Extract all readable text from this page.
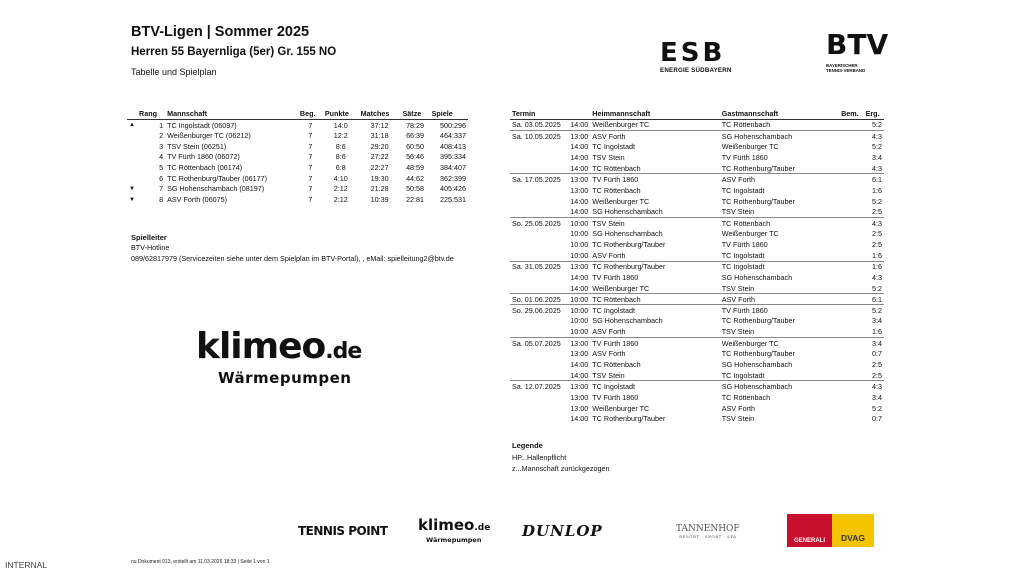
BTV-Ligen | Sommer 2025
Herren 55 Bayernliga (5er) Gr. 155 NO
Tabelle und Spielplan
ESB
ENERGIE SÜDBAYERN
BTV
BAYERISCHER
TENNIS-VERBAND
	Rang	Mannschaft	Beg.	Punkte	Matches	Sätze	Spiele
▲	1	TC Ingolstadt (06097)	7	14:0	37:12	78:29	500:296
	2	Weißenburger TC (06212)	7	12:2	31:18	66:39	464:337
	3	TSV Stein (06251)	7	8:6	29:20	60:50	408:413
	4	TV Fürth 1860 (06072)	7	8:6	27:22	56:46	395:334
	5	TC Röttenbach (06174)	7	6:8	22:27	48:59	384:407
	6	TC Rothenburg/Tauber (06177)	7	4:10	19:30	44:62	362:399
▼	7	SG Hohenschambach (08197)	7	2:12	21:28	50:58	405:426
▼	8	ASV Forth (06075)	7	2:12	10:39	22:81	225:531
Spielleiter
BTV-Hotline
089/62817979 (Servicezeiten siehe unter dem Spielplan im BTV-Portal), , eMail: spielleitung2@btv.de
klimeo.de
Wärmepumpen
Termin		Heimmannschaft	Gastmannschaft	Bem.	Erg.
Sa. 03.05.2025	14:00	Weißenburger TC	TC Röttenbach		5:2
Sa. 10.05.2025	13:00	ASV Forth	SG Hohenschambach		4:3
	14:00	TC Ingolstadt	Weißenburger TC		5:2
	14:00	TSV Stein	TV Fürth 1860		3:4
	14:00	TC Röttenbach	TC Rothenburg/Tauber		4:3
Sa. 17.05.2025	13:00	TV Fürth 1860	ASV Forth		6:1
	13:00	TC Röttenbach	TC Ingolstadt		1:6
	14:00	Weißenburger TC	TC Rothenburg/Tauber		5:2
	14:00	SG Hohenschambach	TSV Stein		2:5
So. 25.05.2025	10:00	TSV Stein	TC Röttenbach		4:3
	10:00	SG Hohenschambach	Weißenburger TC		2:5
	10:00	TC Rothenburg/Tauber	TV Fürth 1860		2:5
	10:00	ASV Forth	TC Ingolstadt		1:6
Sa. 31.05.2025	13:00	TC Rothenburg/Tauber	TC Ingolstadt		1:6
	14:00	TV Fürth 1860	SG Hohenschambach		4:3
	14:00	Weißenburger TC	TSV Stein		5:2
So. 01.06.2025	10:00	TC Röttenbach	ASV Forth		6:1
So. 29.06.2025	10:00	TC Ingolstadt	TV Fürth 1860		5:2
	10:00	SG Hohenschambach	TC Rothenburg/Tauber		3:4
	10:00	ASV Forth	TSV Stein		1:6
Sa. 05.07.2025	13:00	TV Fürth 1860	Weißenburger TC		3:4
	13:00	ASV Forth	TC Rothenburg/Tauber		0:7
	14:00	TC Röttenbach	SG Hohenschambach		2:5
	14:00	TSV Stein	TC Ingolstadt		2:5
Sa. 12.07.2025	13:00	TC Ingolstadt	SG Hohenschambach		4:3
	13:00	TV Fürth 1860	TC Röttenbach		3:4
	13:00	Weißenburger TC	ASV Forth		5:2
	14:00	TC Rothenburg/Tauber	TSV Stein		0:7
Legende
HP...Hallenpflicht
z...Mannschaft zurückgezogen
TENNIS POINT klimeo.de
Wärmepumpen	DUNLOP	TANNENHOF
RESORT · SPORT · SPA
GENERALI	DVAG
nu Dokument 013, erstellt am 11.03.2026 18:33 | Seite 1 von 1
INTERNAL
